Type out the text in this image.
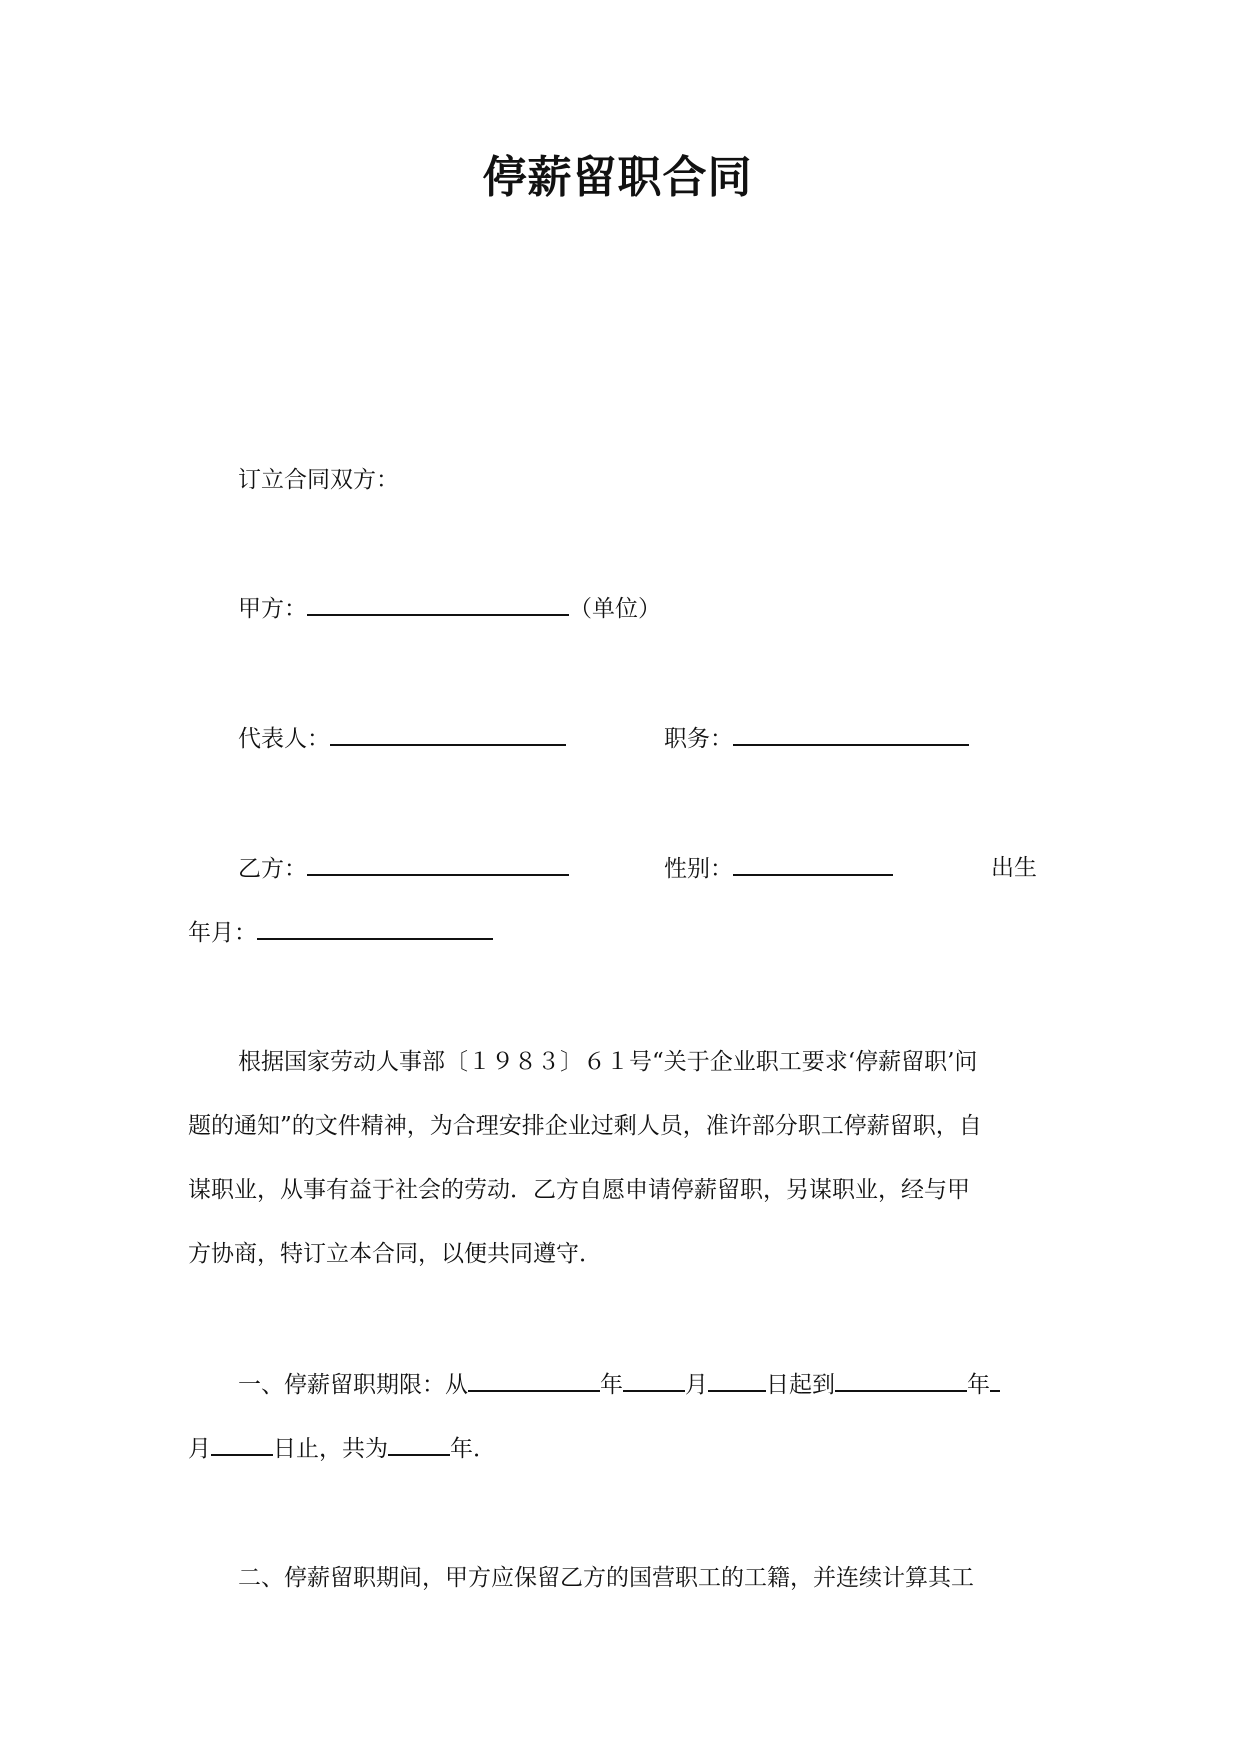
停薪留职合同
订立合同双方：
甲方：	（单位）
代表人：	职务：
乙方：	性别：	出生
年月：
根据国家劳动人事部〔１９８３〕６１号“关于企业职工要求‘停薪留职’问
题的通知”的文件精神，为合理安排企业过剩人员，准许部分职工停薪留职，自
谋职业，从事有益于社会的劳动．乙方自愿申请停薪留职，另谋职业，经与甲
方协商，特订立本合同，以便共同遵守．
一、停薪留职期限：从	年	月	日起到	年
月	日止，共为	年．
二、停薪留职期间，甲方应保留乙方的国营职工的工籍，并连续计算其工
